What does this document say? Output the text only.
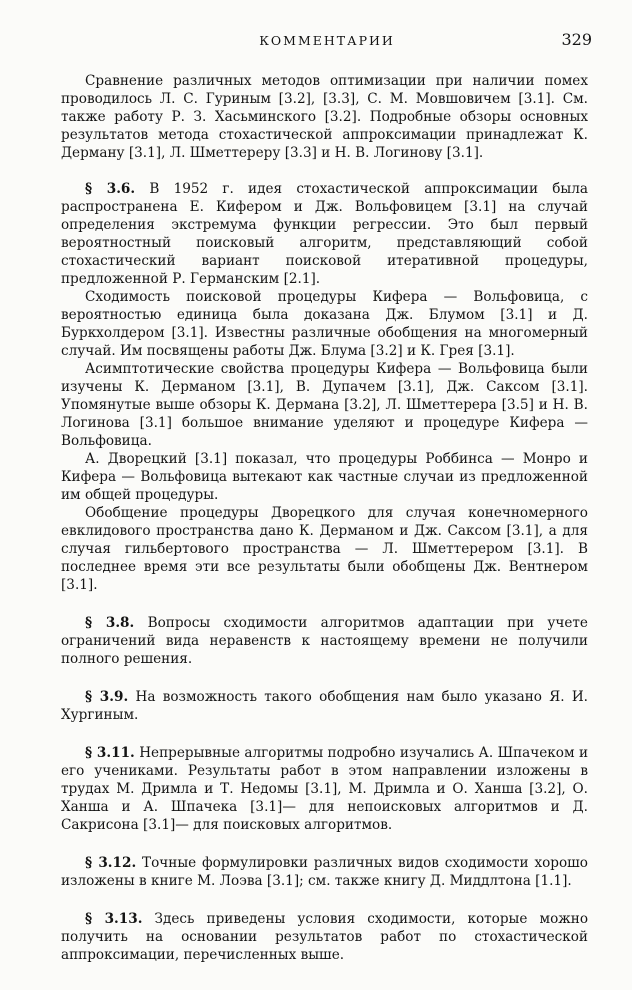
КОММЕНТАРИИ	329

Сравнение различных методов оптимизации при наличии помех проводилось Л. С. Гуриным [3.2], [3.3], С. М. Мовшовичем [3.1]. См. также работу Р. З. Хасьминского [3.2]. Подробные обзоры основных результатов метода стохастической аппроксимации принадлежат К. Дерману [3.1], Л. Шметтереру [3.3] и Н. В. Логинову [3.1].

§ 3.6. В 1952 г. идея стохастической аппроксимации была распространена Е. Кифером и Дж. Вольфовицем [3.1] на случай определения экстремума функции регрессии. Это был первый вероятностный поисковый алгоритм, представляющий собой стохастический вариант поисковой итеративной процедуры, предложенной Р. Германским [2.1].

Сходимость поисковой процедуры Кифера — Вольфовица, с вероятностью единица была доказана Дж. Блумом [3.1] и Д. Буркхолдером [3.1]. Известны различные обобщения на многомерный случай. Им посвящены работы Дж. Блума [3.2] и К. Грея [3.1].

Асимптотические свойства процедуры Кифера — Вольфовица были изучены К. Дерманом [3.1], В. Дупачем [3.1], Дж. Саксом [3.1]. Упомянутые выше обзоры К. Дермана [3.2], Л. Шметтерера [3.5] и Н. В. Логинова [3.1] большое внимание уделяют и процедуре Кифера — Вольфовица.

А. Дворецкий [3.1] показал, что процедуры Роббинса — Монро и Кифера — Вольфовица вытекают как частные случаи из предложенной им общей процедуры.

Обобщение процедуры Дворецкого для случая конечномерного евклидового пространства дано К. Дерманом и Дж. Саксом [3.1], а для случая гильбертового пространства — Л. Шметтерером [3.1]. В последнее время эти все результаты были обобщены Дж. Вентнером [3.1].

§ 3.8. Вопросы сходимости алгоритмов адаптации при учете ограничений вида неравенств к настоящему времени не получили полного решения.

§ 3.9. На возможность такого обобщения нам было указано Я. И. Хургиным.

§ 3.11. Непрерывные алгоритмы подробно изучались А. Шпачеком и его учениками. Результаты работ в этом направлении изложены в трудах М. Дримла и Т. Недомы [3.1], М. Дримла и О. Ханша [3.2], О. Ханша и А. Шпачека [3.1]— для непоисковых алгоритмов и Д. Сакрисона [3.1]— для поисковых алгоритмов.

§ 3.12. Точные формулировки различных видов сходимости хорошо изложены в книге М. Лоэва [3.1]; см. также книгу Д. Миддлтона [1.1].

§ 3.13. Здесь приведены условия сходимости, которые можно получить на основании результатов работ по стохастической аппроксимации, перечисленных выше.
